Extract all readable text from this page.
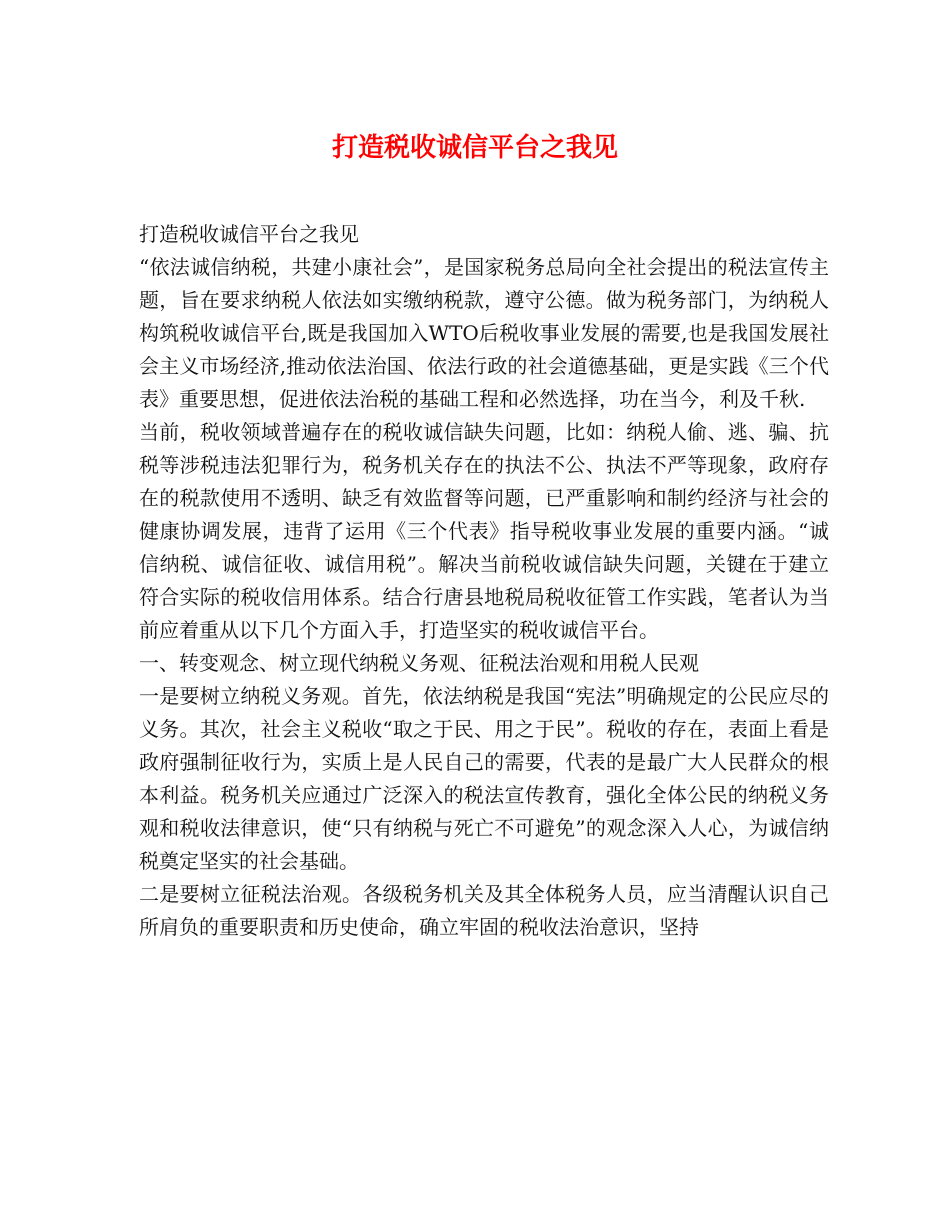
打造税收诚信平台之我见

打造税收诚信平台之我见

“依法诚信纳税，共建小康社会”，是国家税务总局向全社会提出的税法宣传主题，旨在要求纳税人依法如实缴纳税款，遵守公德。做为税务部门，为纳税人构筑税收诚信平台,既是我国加入WTO后税收事业发展的需要,也是我国发展社会主义市场经济,推动依法治国、依法行政的社会道德基础，更是实践《三个代表》重要思想，促进依法治税的基础工程和必然选择，功在当今，利及千秋.

当前，税收领域普遍存在的税收诚信缺失问题，比如：纳税人偷、逃、骗、抗税等涉税违法犯罪行为，税务机关存在的执法不公、执法不严等现象，政府存在的税款使用不透明、缺乏有效监督等问题，已严重影响和制约经济与社会的健康协调发展，违背了运用《三个代表》指导税收事业发展的重要内涵。“诚信纳税、诚信征收、诚信用税”。解决当前税收诚信缺失问题，关键在于建立符合实际的税收信用体系。结合行唐县地税局税收征管工作实践，笔者认为当前应着重从以下几个方面入手，打造坚实的税收诚信平台。

一、转变观念、树立现代纳税义务观、征税法治观和用税人民观

一是要树立纳税义务观。首先，依法纳税是我国“宪法”明确规定的公民应尽的义务。其次，社会主义税收“取之于民、用之于民”。税收的存在，表面上看是政府强制征收行为，实质上是人民自己的需要，代表的是最广大人民群众的根本利益。税务机关应通过广泛深入的税法宣传教育，强化全体公民的纳税义务观和税收法律意识，使“只有纳税与死亡不可避免”的观念深入人心，为诚信纳税奠定坚实的社会基础。

二是要树立征税法治观。各级税务机关及其全体税务人员，应当清醒认识自己所肩负的重要职责和历史使命，确立牢固的税收法治意识，坚持
